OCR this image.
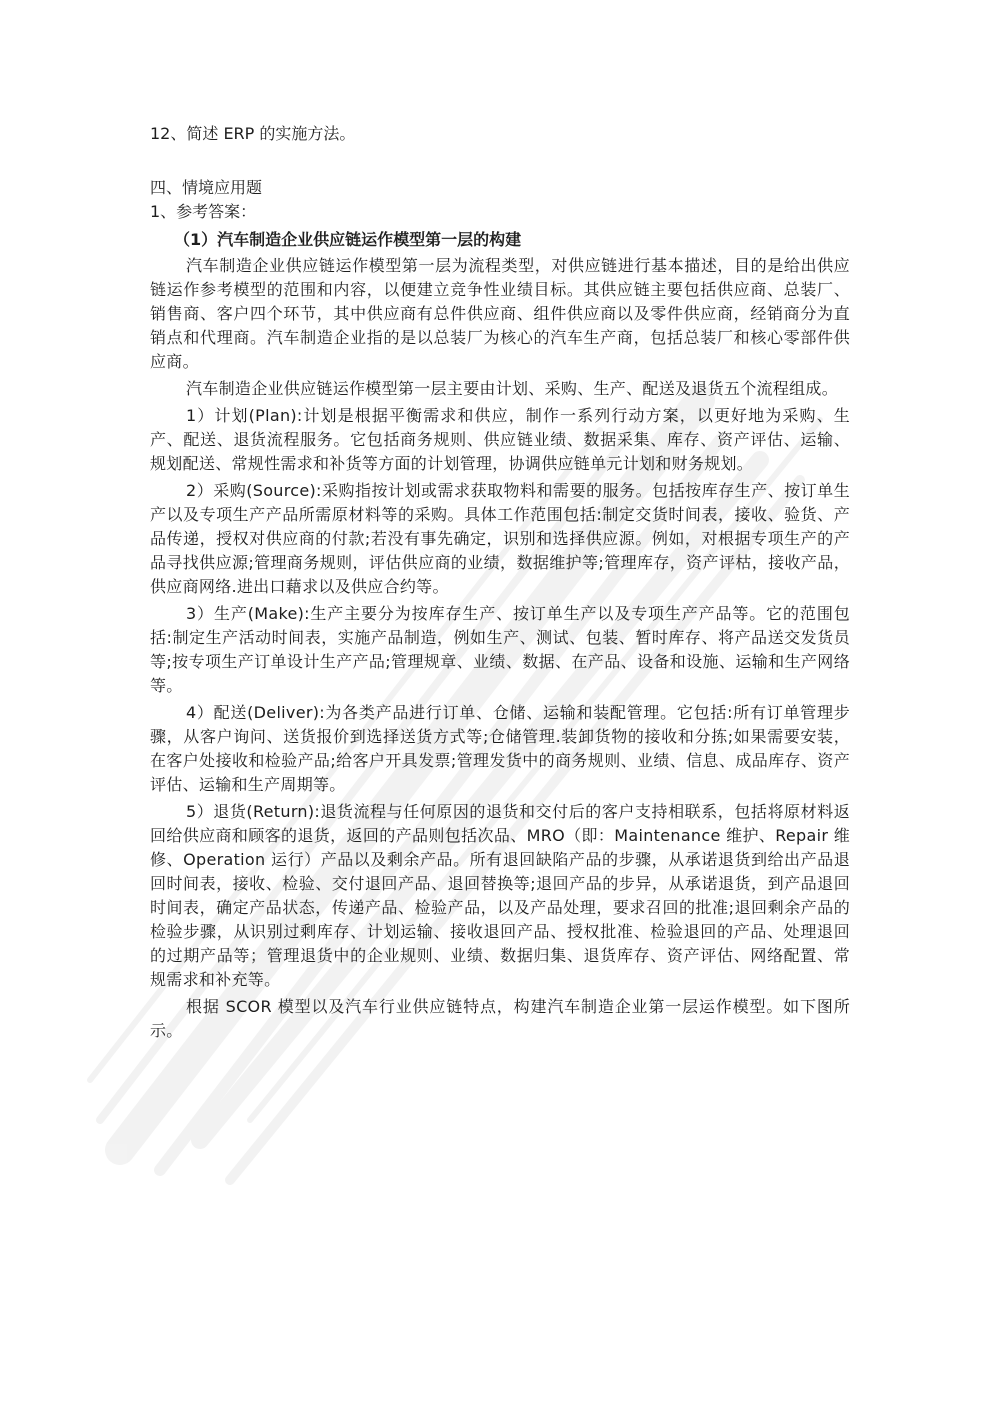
12、简述 ERP 的实施方法。

四、情境应用题

1、参考答案：

（1）汽车制造企业供应链运作模型第一层的构建

汽车制造企业供应链运作模型第一层为流程类型，对供应链进行基本描述，目的是给出供应链运作参考模型的范围和内容，以便建立竞争性业绩目标。其供应链主要包括供应商、总装厂、销售商、客户四个环节，其中供应商有总件供应商、组件供应商以及零件供应商，经销商分为直销点和代理商。汽车制造企业指的是以总装厂为核心的汽车生产商，包括总装厂和核心零部件供应商。

汽车制造企业供应链运作模型第一层主要由计划、采购、生产、配送及退货五个流程组成。

1）计划(Plan):计划是根据平衡需求和供应，制作一系列行动方案，以更好地为采购、生产、配送、退货流程服务。它包括商务规则、供应链业绩、数据采集、库存、资产评估、运输、规划配送、常规性需求和补货等方面的计划管理，协调供应链单元计划和财务规划。

2）采购(Source):采购指按计划或需求获取物料和需要的服务。包括按库存生产、按订单生产以及专项生产产品所需原材料等的采购。具体工作范围包括:制定交货时间表，接收、验货、产品传递，授权对供应商的付款;若没有事先确定，识别和选择供应源。例如，对根据专项生产的产品寻找供应源;管理商务规则，评估供应商的业绩，数据维护等;管理库存，资产评枯，接收产品，供应商网络.进出口藉求以及供应合约等。

3）生产(Make):生产主要分为按库存生产、按订单生产以及专项生产产品等。它的范围包括:制定生产活动时间表，实施产品制造，例如生产、测试、包装、暂时库存、将产品送交发货员等;按专项生产订单设计生产产品;管理规章、业绩、数据、在产品、设备和设施、运输和生产网络等。

4）配送(Deliver):为各类产品进行订单、仓储、运输和装配管理。它包括:所有订单管理步骤，从客户询问、送货报价到选择送货方式等;仓储管理.装卸货物的接收和分拣;如果需要安装，在客户处接收和检验产品;给客户开具发票;管理发货中的商务规则、业绩、信息、成品库存、资产评估、运输和生产周期等。

5）退货(Return):退货流程与任何原因的退货和交付后的客户支持相联系，包括将原材料返回给供应商和顾客的退货，返回的产品则包括次品、MRO（即：Maintenance 维护、Repair 维修、Operation 运行）产品以及剩余产品。所有退回缺陷产品的步骤，从承诺退货到给出产品退回时间表，接收、检验、交付退回产品、退回替换等;退回产品的步异，从承诺退货，到产品退回时间表，确定产品状态，传递产品、检验产品，以及产品处理，要求召回的批准;退回剩余产品的检验步骤，从识别过剩库存、计划运输、接收退回产品、授权批准、检验退回的产品、处理退回的过期产品等；管理退货中的企业规则、业绩、数据归集、退货库存、资产评估、网络配置、常规需求和补充等。

根据 SCOR 模型以及汽车行业供应链特点，构建汽车制造企业第一层运作模型。如下图所示。
